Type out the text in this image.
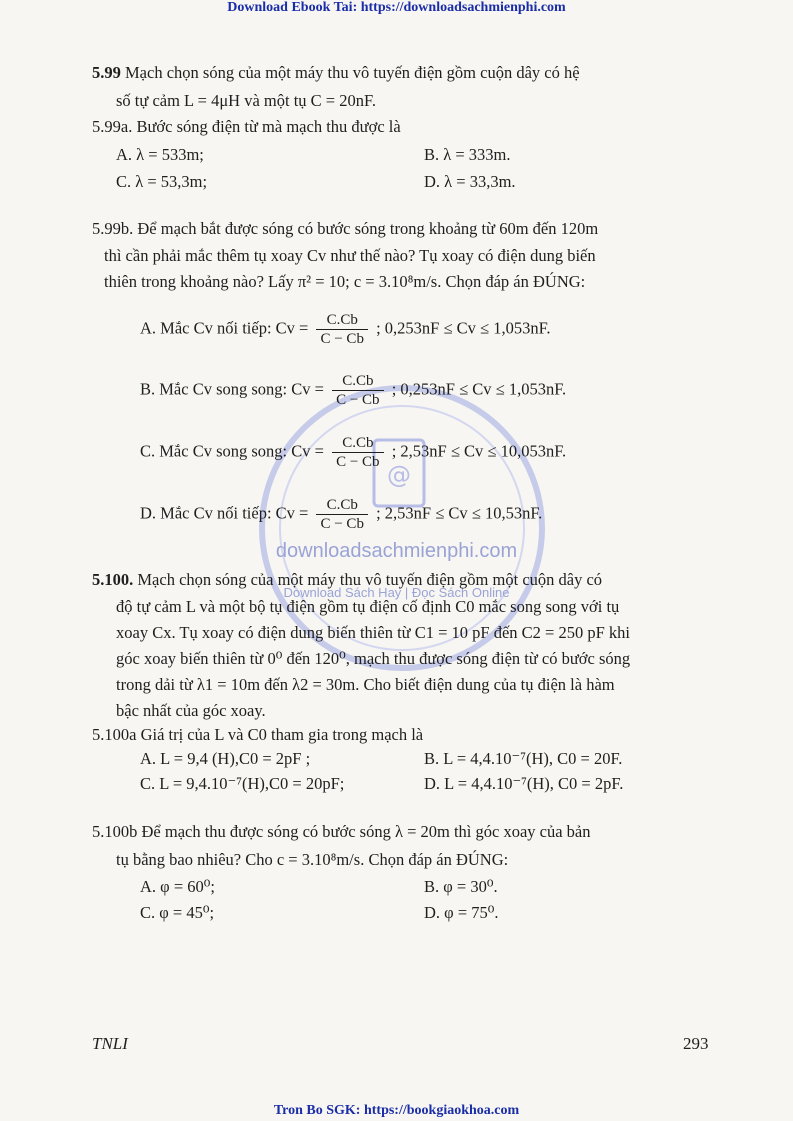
Download Ebook Tai: https://downloadsachmienphi.com
@
downloadsachmienphi.com
Download Sách Hay | Đọc Sách Online
5.99 Mạch chọn sóng của một máy thu vô tuyến điện gồm cuộn dây có hệ
số tự cảm L = 4μH và một tụ C = 20nF.
5.99a. Bước sóng điện từ mà mạch thu được là
A. λ = 533m;	B. λ = 333m.
C. λ = 53,3m;	D. λ = 33,3m.
5.99b. Để mạch bắt được sóng có bước sóng trong khoảng từ 60m đến 120m
thì cần phải mắc thêm tụ xoay Cv như thế nào? Tụ xoay có điện dung biến
thiên trong khoảng nào? Lấy π² = 10; c = 3.10⁸m/s. Chọn đáp án ĐÚNG:
A. Mắc Cv nối tiếp: $Cv = \frac{C.Cb}{C - Cb}$ ; 0,253nF ≤ Cv ≤ 1,053nF.
B. Mắc Cv song song: $Cv = \frac{C.Cb}{C - Cb}$ ; 0,253nF ≤ Cv ≤ 1,053nF.
C. Mắc Cv song song: $Cv = \frac{C.Cb}{C - Cb}$ ; 2,53nF ≤ Cv ≤ 10,053nF.
D. Mắc Cv nối tiếp: $Cv = \frac{C.Cb}{C - Cb}$ ; 2,53nF ≤ Cv ≤ 10,53nF.
5.100. Mạch chọn sóng của một máy thu vô tuyến điện gồm một cuộn dây có
độ tự cảm L và một bộ tụ điện gồm tụ điện cố định C0 mắc song song với tụ
xoay Cx. Tụ xoay có điện dung biến thiên từ C1 = 10 pF đến C2 = 250 pF khi
góc xoay biến thiên từ 0⁰ đến 120⁰, mạch thu được sóng điện từ có bước sóng
trong dải từ λ1 = 10m đến λ2 = 30m. Cho biết điện dung của tụ điện là hàm
bậc nhất của góc xoay.
5.100a Giá trị của L và C0 tham gia trong mạch là
A. L = 9,4 (H),C0 = 2pF ;	B. L = 4,4.10⁻⁷(H), C0 = 20F.
C. L = 9,4.10⁻⁷(H),C0 = 20pF;	D. L = 4,4.10⁻⁷(H), C0 = 2pF.
5.100b Để mạch thu được sóng có bước sóng λ = 20m thì góc xoay của bản
tụ bằng bao nhiêu? Cho c = 3.10⁸m/s. Chọn đáp án ĐÚNG:
A. φ = 60⁰;	B. φ = 30⁰.
C. φ = 45⁰;	D. φ = 75⁰.
TNLI	293
Tron Bo SGK: https://bookgiaokhoa.com
